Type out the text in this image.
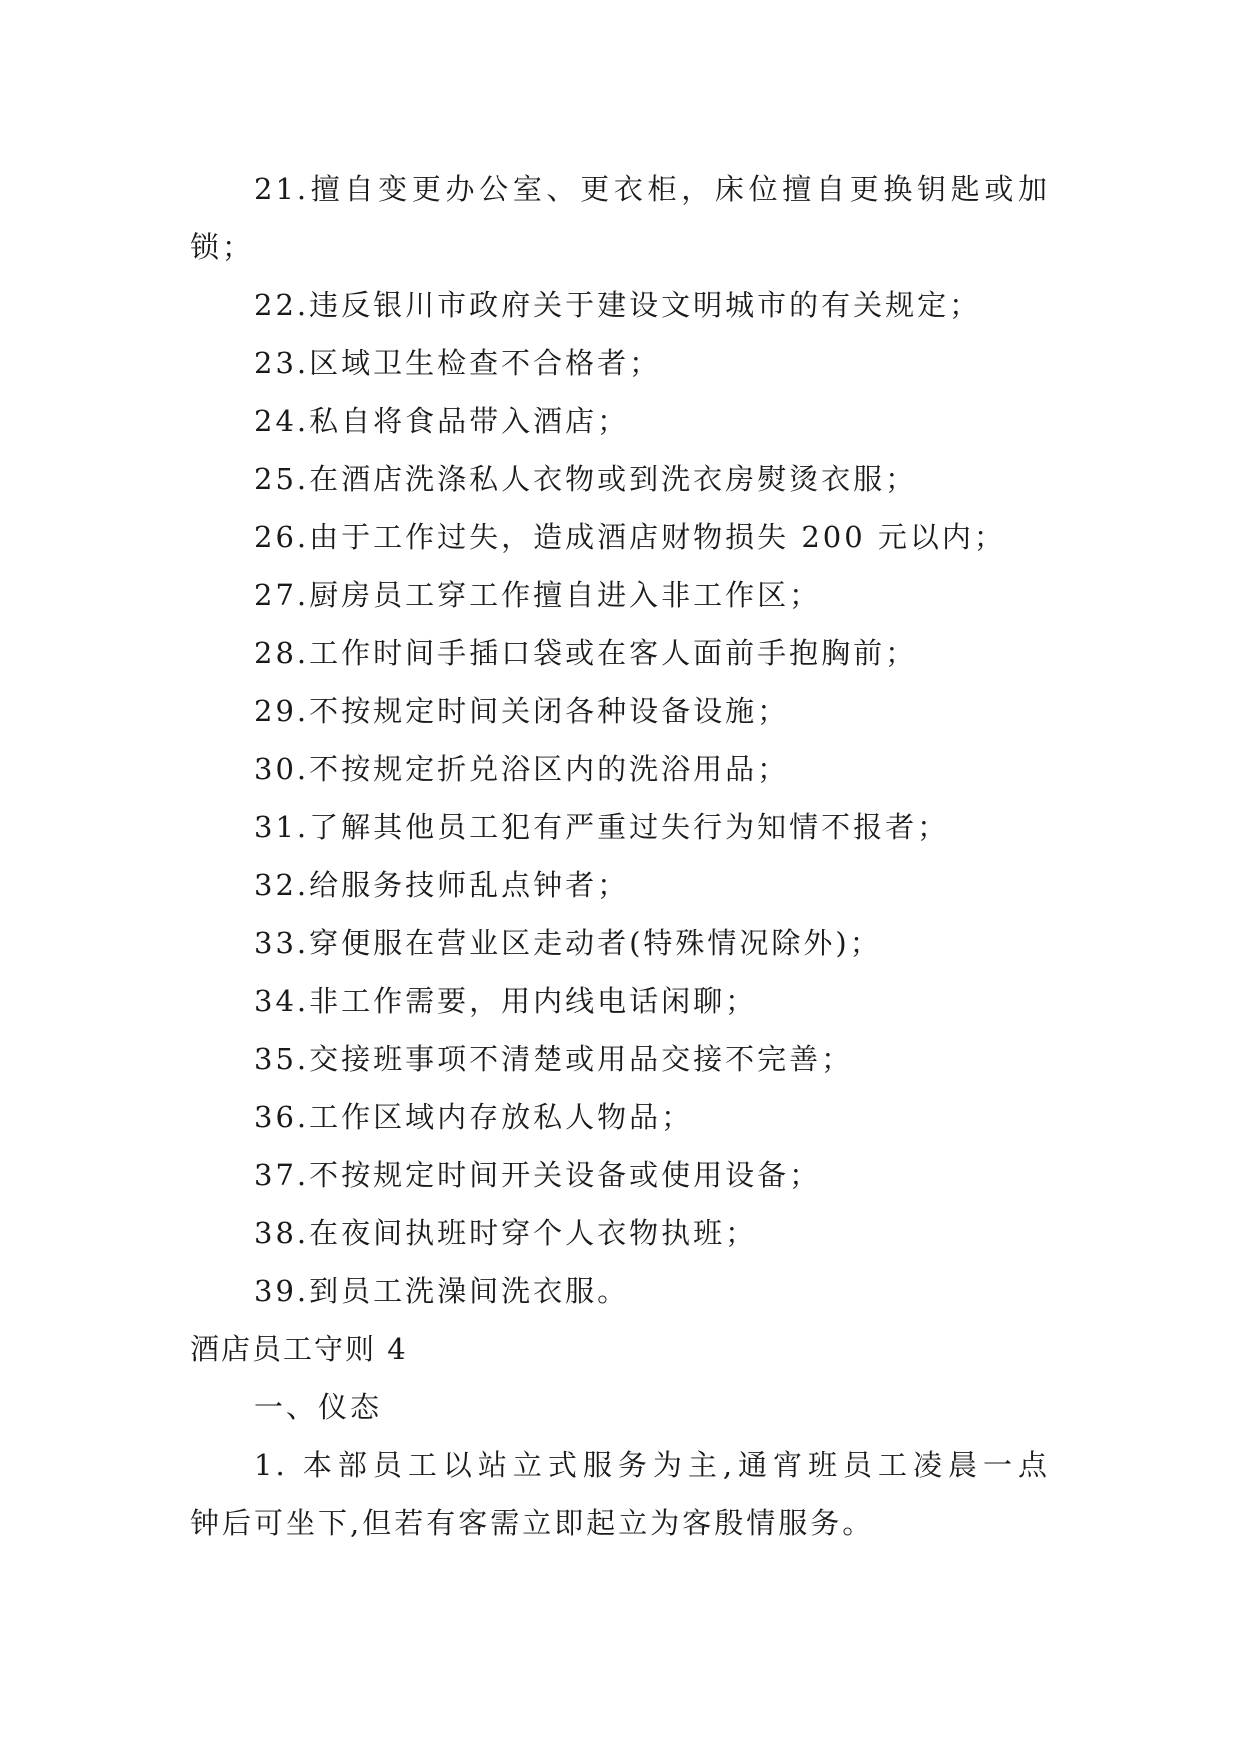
21.擅自变更办公室、更衣柜，床位擅自更换钥匙或加
锁；
22.违反银川市政府关于建设文明城市的有关规定；
23.区域卫生检查不合格者；
24.私自将食品带入酒店；
25.在酒店洗涤私人衣物或到洗衣房熨烫衣服；
26.由于工作过失，造成酒店财物损失 200 元以内；
27.厨房员工穿工作擅自进入非工作区；
28.工作时间手插口袋或在客人面前手抱胸前；
29.不按规定时间关闭各种设备设施；
30.不按规定折兑浴区内的洗浴用品；
31.了解其他员工犯有严重过失行为知情不报者；
32.给服务技师乱点钟者；
33.穿便服在营业区走动者(特殊情况除外)；
34.非工作需要，用内线电话闲聊；
35.交接班事项不清楚或用品交接不完善；
36.工作区域内存放私人物品；
37.不按规定时间开关设备或使用设备；
38.在夜间执班时穿个人衣物执班；
39.到员工洗澡间洗衣服。
酒店员工守则 4
一、仪态
1. 本部员工以站立式服务为主,通宵班员工凌晨一点
钟后可坐下,但若有客需立即起立为客殷情服务。
